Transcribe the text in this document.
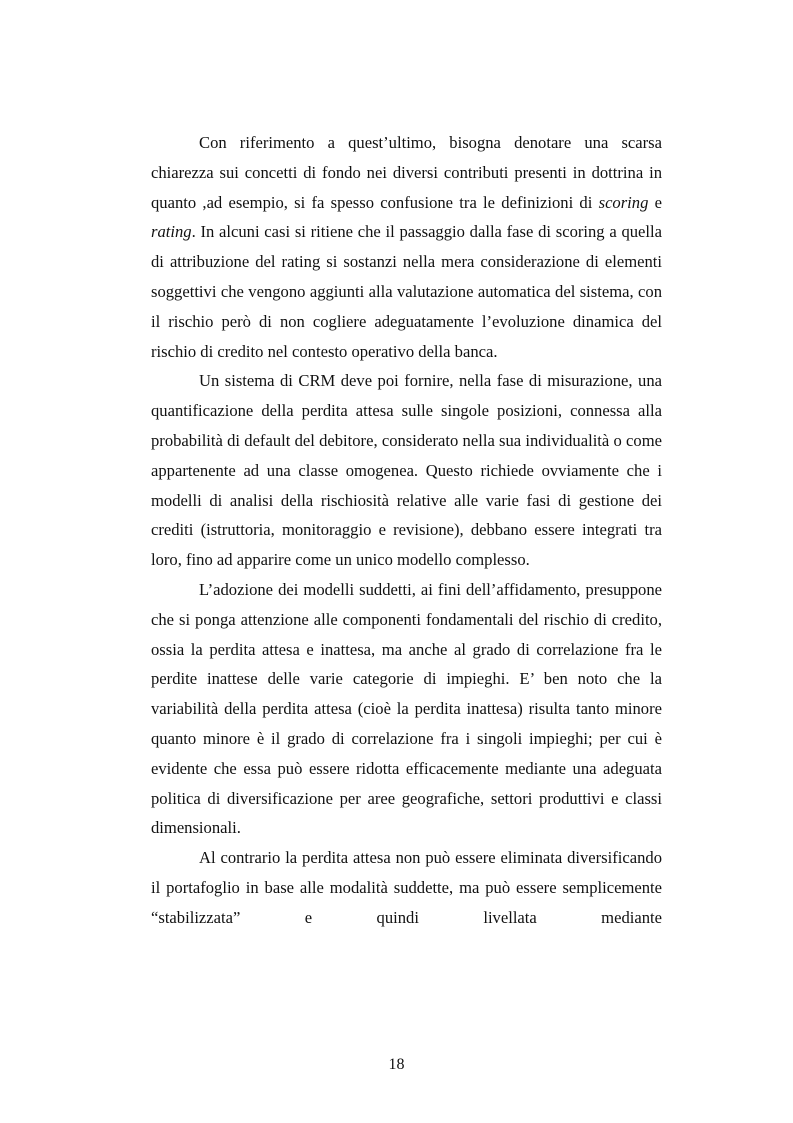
Con riferimento a quest’ultimo, bisogna denotare una scarsa chiarezza sui concetti di fondo nei diversi contributi presenti in dottrina in quanto ,ad esempio, si fa spesso confusione tra le definizioni di scoring e rating. In alcuni casi si ritiene che il passaggio dalla fase di scoring a quella di attribuzione del rating si sostanzi nella mera considerazione di elementi soggettivi che vengono aggiunti alla valutazione automatica del sistema, con il rischio però di non cogliere adeguatamente l’evoluzione dinamica del rischio di credito nel contesto operativo della banca.

Un sistema di CRM deve poi fornire, nella fase di misurazione, una quantificazione della perdita attesa sulle singole posizioni, connessa alla probabilità di default del debitore, considerato nella sua individualità o come appartenente ad una classe omogenea. Questo richiede ovviamente che i modelli di analisi della rischiosità relative alle varie fasi di gestione dei crediti (istruttoria, monitoraggio e revisione), debbano essere integrati tra loro, fino ad apparire come un unico modello complesso.

L’adozione dei modelli suddetti, ai fini dell’affidamento, presuppone che si ponga attenzione alle componenti fondamentali del rischio di credito, ossia la perdita attesa e inattesa, ma anche al grado di correlazione fra le perdite inattese delle varie categorie di impieghi. E’ ben noto che la variabilità della perdita attesa (cioè la perdita inattesa) risulta tanto minore quanto minore è il grado di correlazione fra i singoli impieghi; per cui è evidente che essa può essere ridotta efficacemente mediante una adeguata politica di diversificazione per aree geografiche, settori produttivi e classi dimensionali.

Al contrario la perdita attesa non può essere eliminata diversificando il portafoglio in base alle modalità suddette, ma può essere semplicemente “stabilizzata” e quindi livellata mediante

18
